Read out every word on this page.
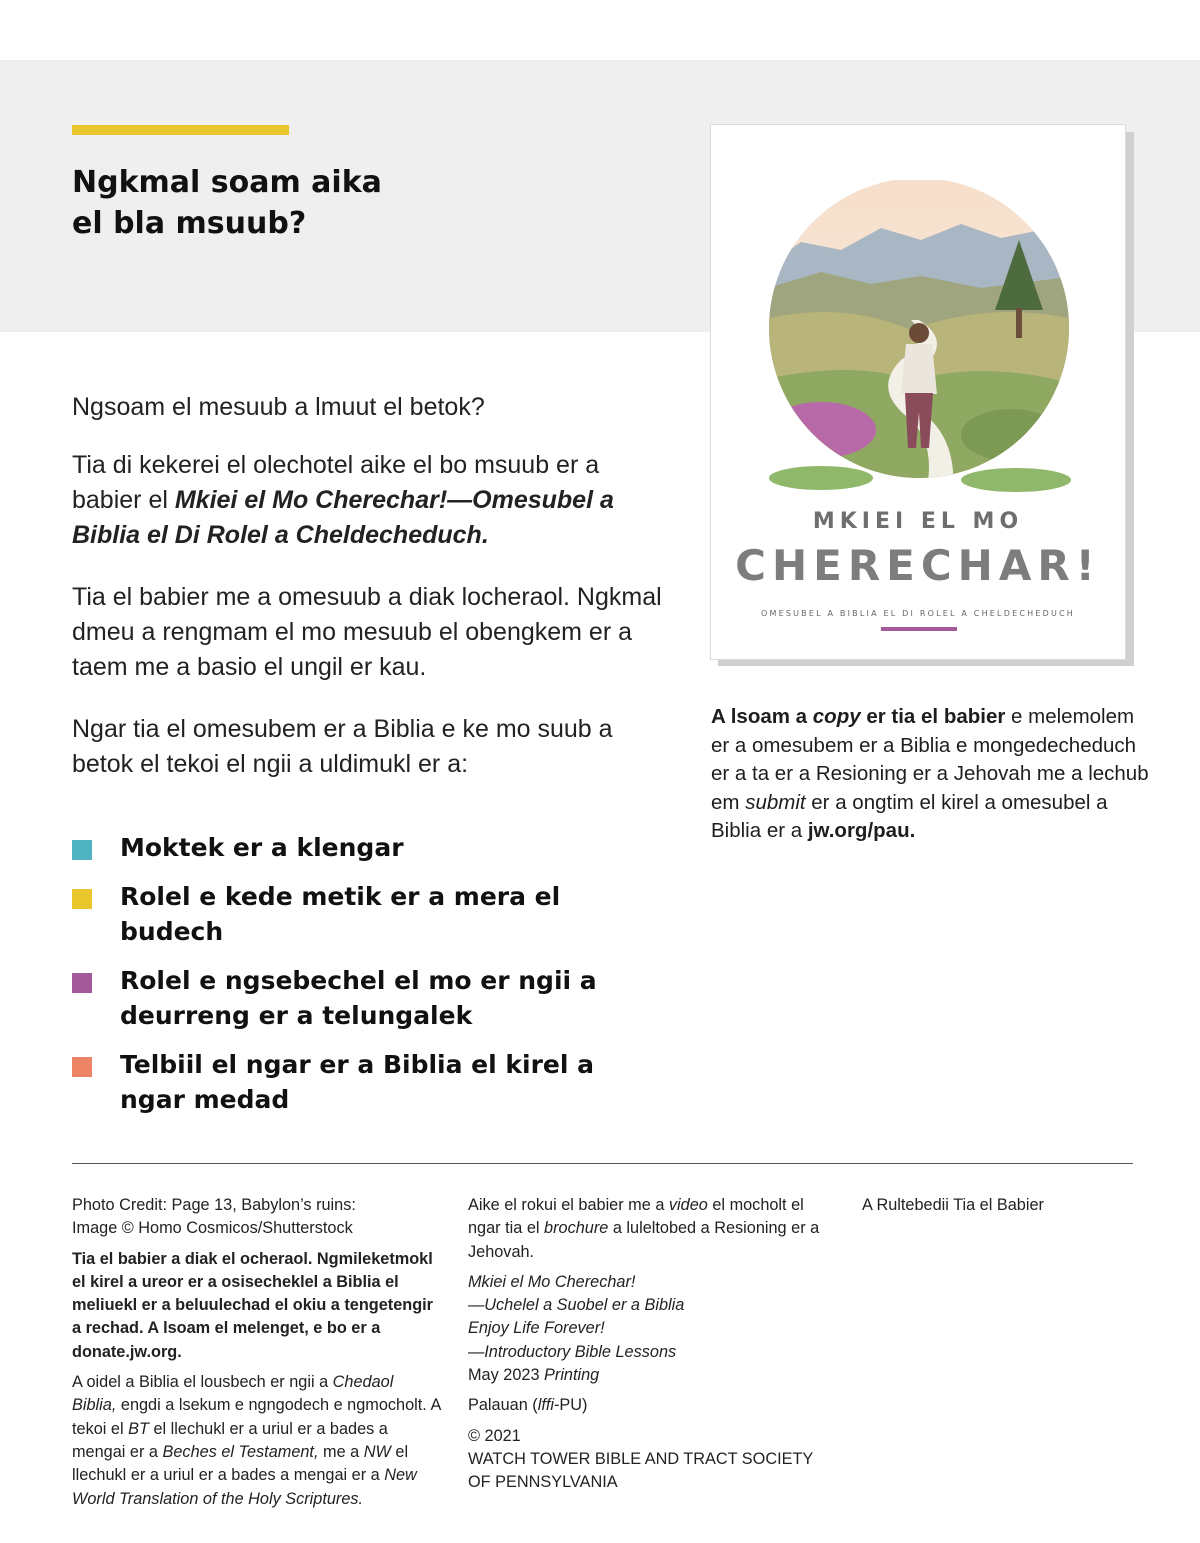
Ngkmal soam aika
el bla msuub?

Ngsoam el mesuub a lmuut el betok?

Tia di kekerei el olechotel aike el bo msuub er a babier el Mkiei el Mo Cherechar!—Omesubel a Biblia el Di Rolel a Cheldecheduch.

Tia el babier me a omesuub a diak locheraol. Ngkmal dmeu a rengmam el mo mesuub el obengkem er a taem me a basio el ungil er kau.

Ngar tia el omesubem er a Biblia e ke mo suub a betok el tekoi el ngii a uldimukl er a:

Moktek er a klengar
Rolel e kede metik er a mera el budech
Rolel e ngsebechel el mo er ngii a deurreng er a telungalek
Telbiil el ngar er a Biblia el kirel a ngar medad
MKIEI EL MO
CHERECHAR!
OMESUBEL A BIBLIA EL DI ROLEL A CHELDECHEDUCH

A lsoam a copy er tia el babier e melemolem er a omesubem er a Biblia e mongedecheduch er a ta er a Resioning er a Jehovah me a lechub em submit er a ongtim el kirel a omesubel a Biblia er a jw.org/pau.

Photo Credit: Page 13, Babylon’s ruins:
Image © Homo Cosmicos/Shutterstock

Tia el babier a diak el ocheraol. Ngmileketmokl el kirel a ureor er a osisecheklel a Biblia el meliuekl er a beluulechad el okiu a tengetengir a rechad. A lsoam el melenget, e bo er a donate.jw.org.

A oidel a Biblia el lousbech er ngii a Chedaol Biblia, engdi a lsekum e ngngodech e ngmocholt. A tekoi el BT el llechukl er a uriul er a bades a mengai er a Beches el Testament, me a NW el llechukl er a uriul er a bades a mengai er a New World Translation of the Holy Scriptures.

Aike el rokui el babier me a video el mocholt el ngar tia el brochure a luleltobed a Resioning er a Jehovah.

Mkiei el Mo Cherechar!
—Uchelel a Suobel er a Biblia
Enjoy Life Forever!
—Introductory Bible Lessons
May 2023 Printing

Palauan (lffi-PU)

© 2021
WATCH TOWER BIBLE AND TRACT SOCIETY
OF PENNSYLVANIA

A Rultebedii Tia el Babier
